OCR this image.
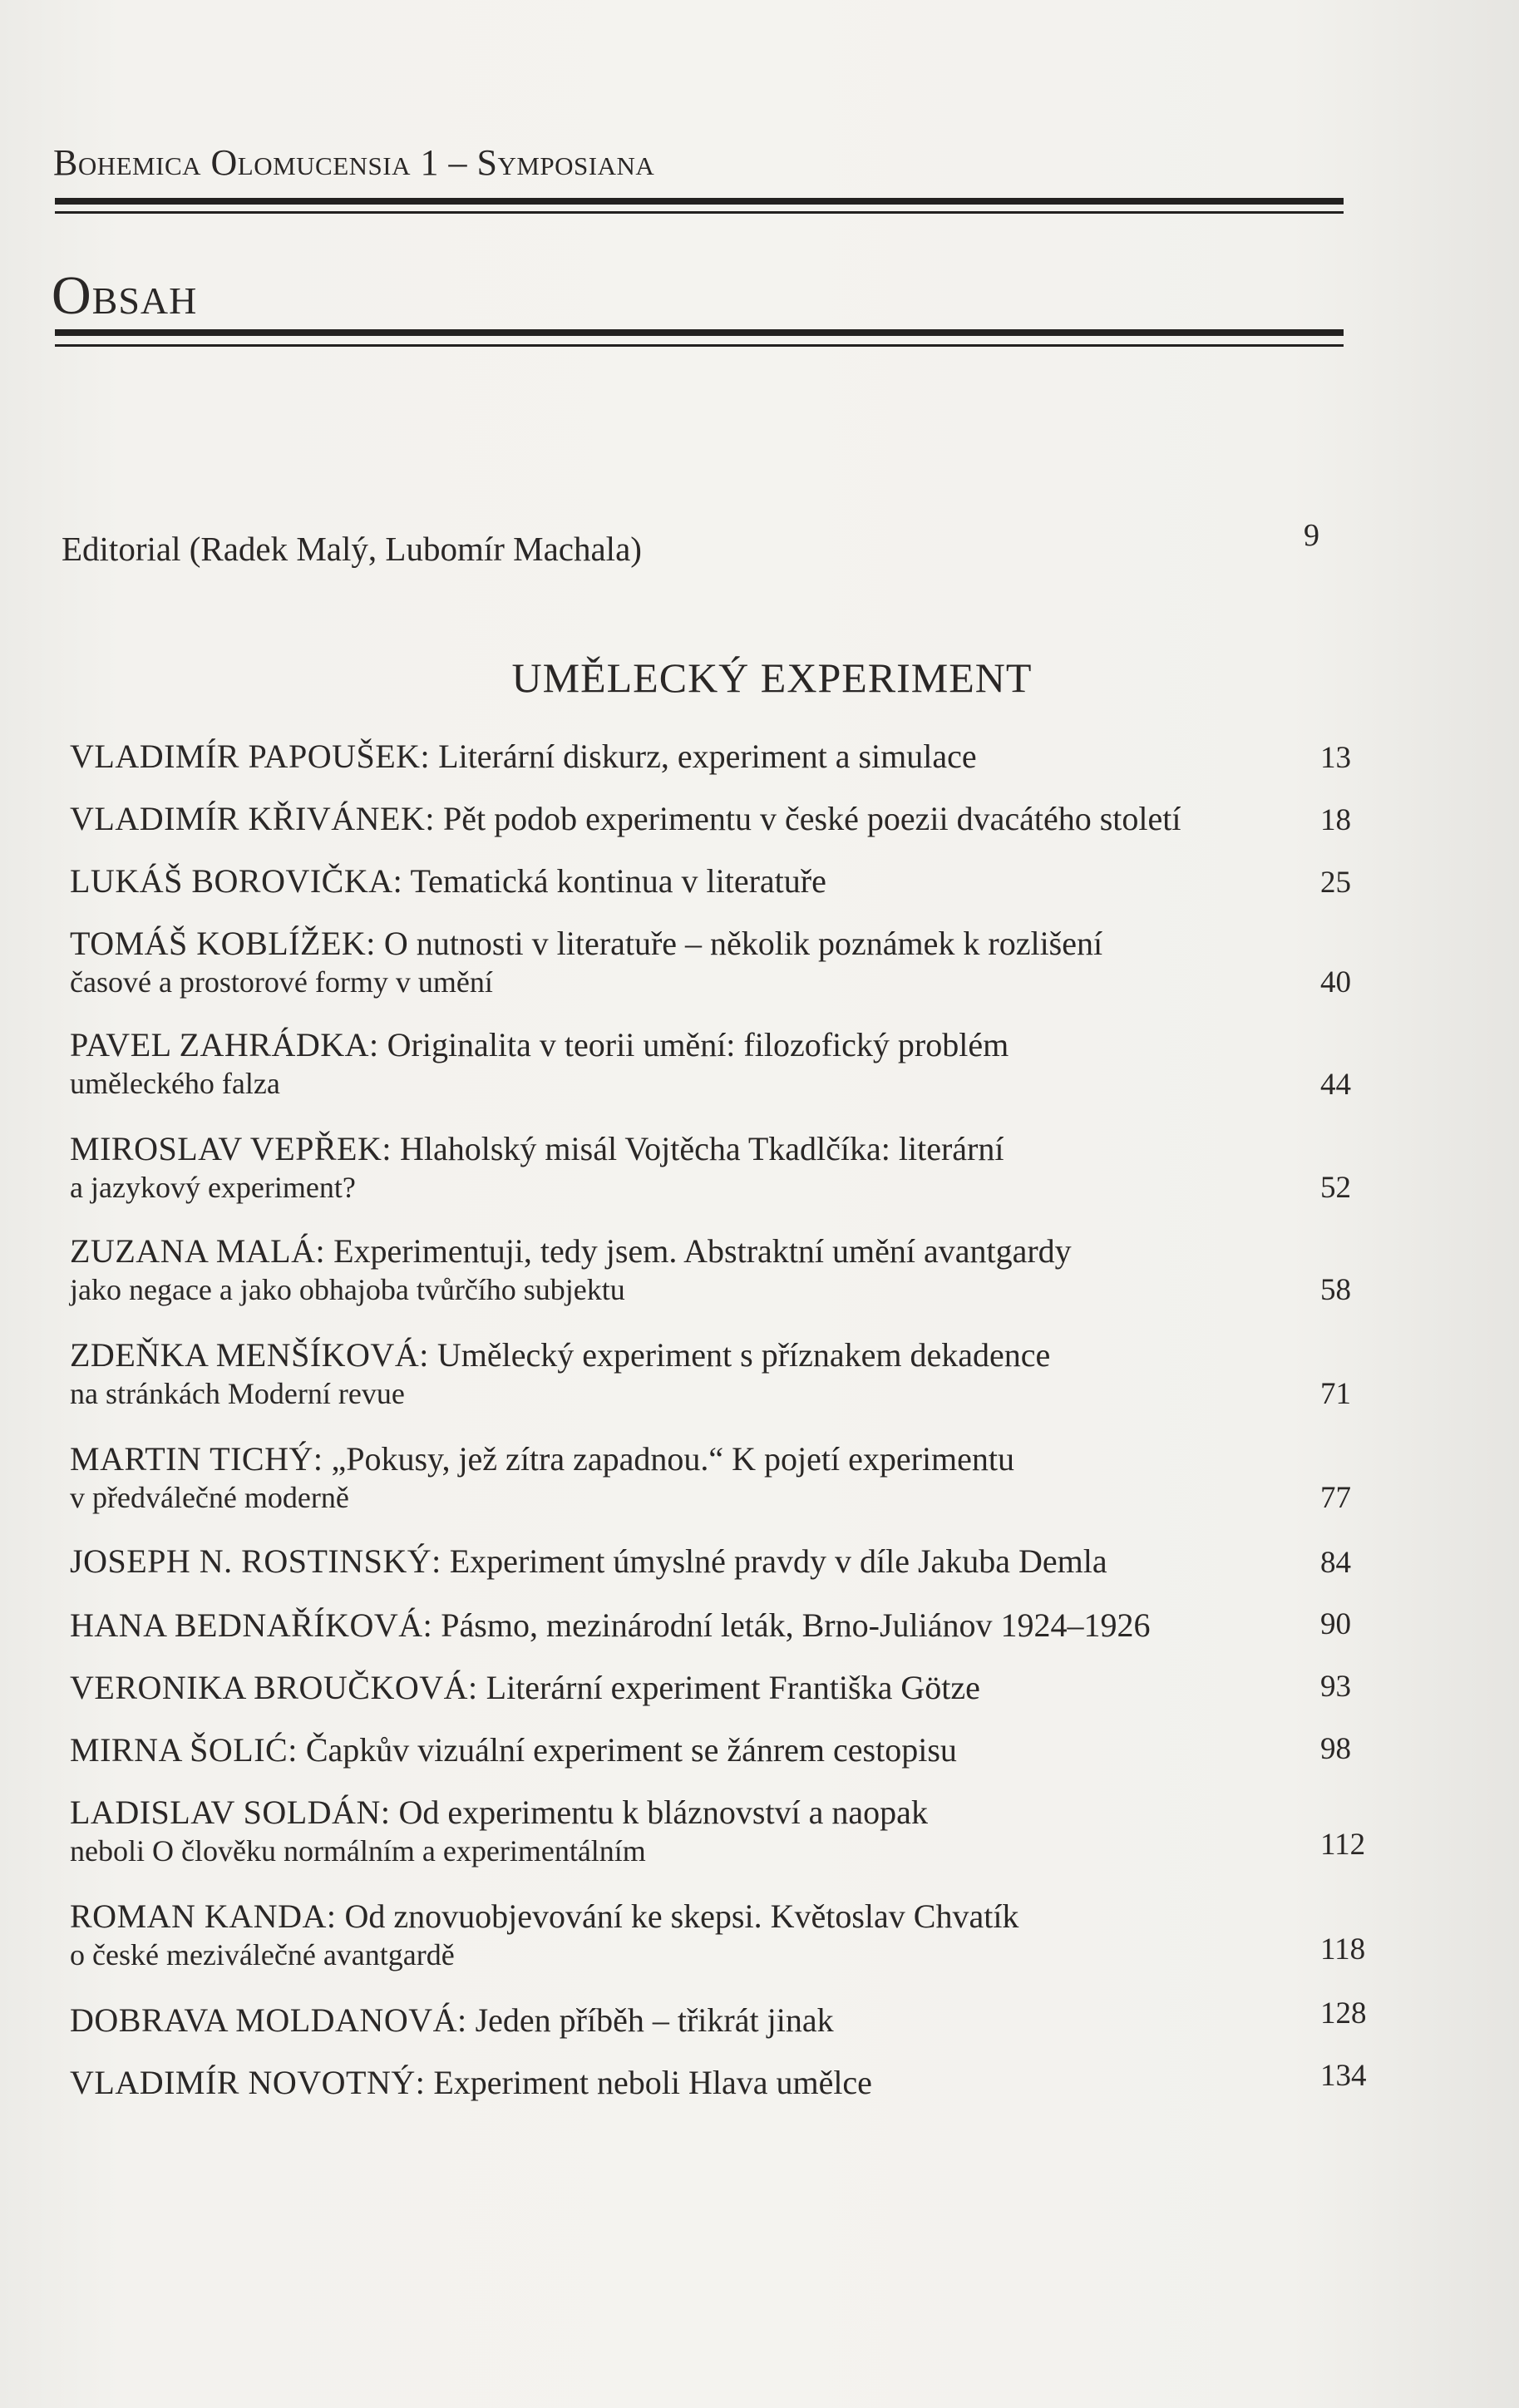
Bohemica Olomucensia 1 – Symposiana
Obsah
Editorial (Radek Malý, Lubomír Machala)	9
UMĚLECKÝ EXPERIMENT
VLADIMÍR PAPOUŠEK: Literární diskurz, experiment a simulace	13
VLADIMÍR KŘIVÁNEK: Pět podob experimentu v české poezii dvacátého století	18
LUKÁŠ BOROVIČKA: Tematická kontinua v literatuře	25
TOMÁŠ KOBLÍŽEK: O nutnosti v literatuře – několik poznámek k rozlišení
časové a prostorové formy v umění	40
PAVEL ZAHRÁDKA: Originalita v teorii umění: filozofický problém
uměleckého falza	44
MIROSLAV VEPŘEK: Hlaholský misál Vojtěcha Tkadlčíka: literární
a jazykový experiment?	52
ZUZANA MALÁ: Experimentuji, tedy jsem. Abstraktní umění avantgardy
jako negace a jako obhajoba tvůrčího subjektu	58
ZDEŇKA MENŠÍKOVÁ: Umělecký experiment s příznakem dekadence
na stránkách Moderní revue	71
MARTIN TICHÝ: „Pokusy, jež zítra zapadnou.“ K pojetí experimentu
v předválečné moderně	77
JOSEPH N. ROSTINSKÝ: Experiment úmyslné pravdy v díle Jakuba Demla	84
HANA BEDNAŘÍKOVÁ: Pásmo, mezinárodní leták, Brno-Juliánov 1924–1926	90
VERONIKA BROUČKOVÁ: Literární experiment Františka Götze	93
MIRNA ŠOLIĆ: Čapkův vizuální experiment se žánrem cestopisu	98
LADISLAV SOLDÁN: Od experimentu k bláznovství a naopak
neboli O člověku normálním a experimentálním	112
ROMAN KANDA: Od znovuobjevování ke skepsi. Květoslav Chvatík
o české meziválečné avantgardě	118
DOBRAVA MOLDANOVÁ: Jeden příběh – třikrát jinak	128
VLADIMÍR NOVOTNÝ: Experiment neboli Hlava umělce	134
